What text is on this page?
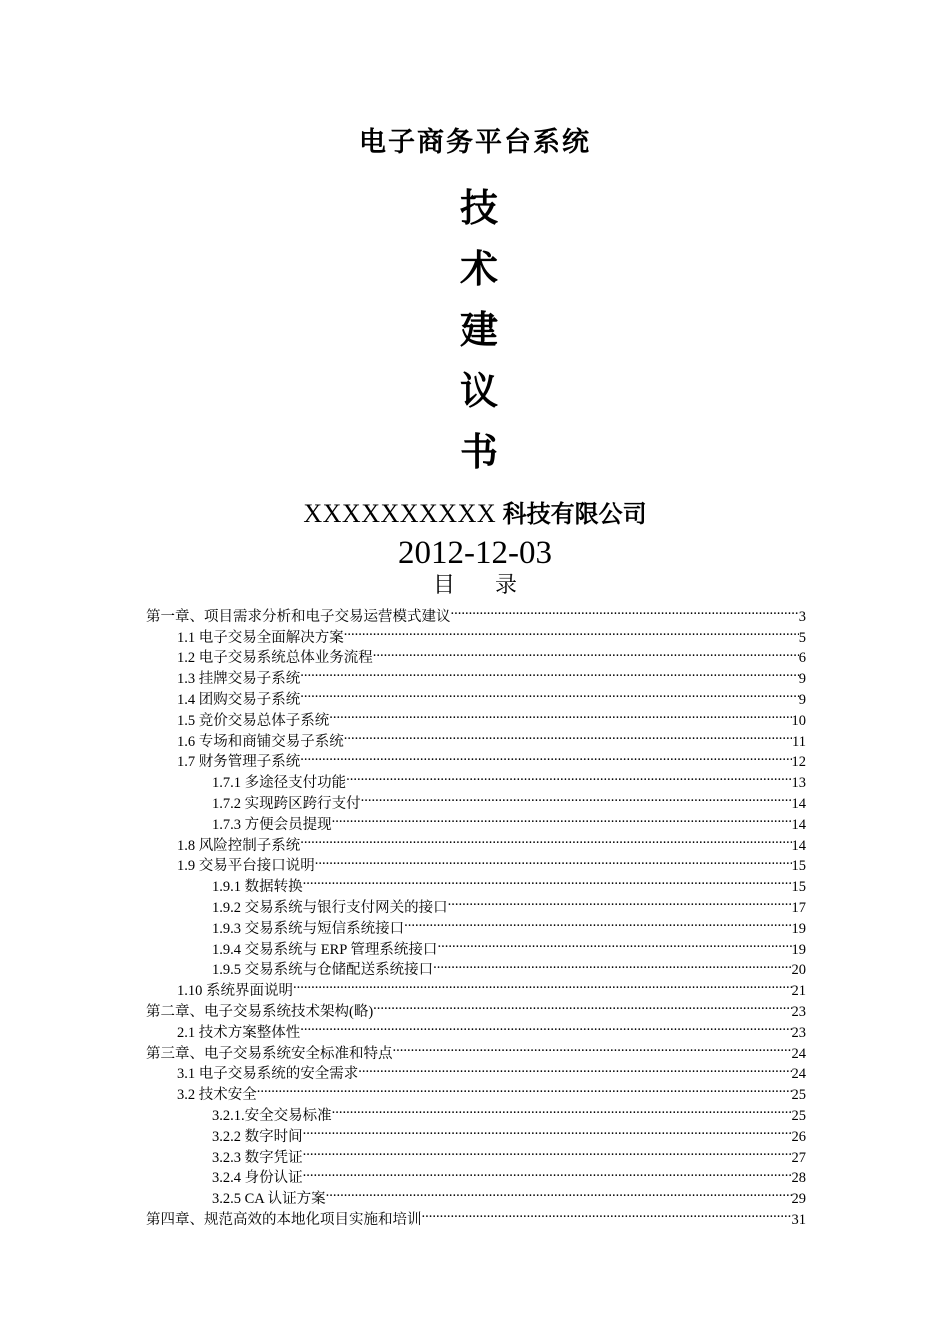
电子商务平台系统
技
术
建
议
书
XXXXXXXXXX 科技有限公司
2012-12-03
目录
第一章、项目需求分析和电子交易运营模式建议 .....	3
1.1 电子交易全面解决方案 .....	5
1.2 电子交易系统总体业务流程 .....	6
1.3 挂牌交易子系统 .....	9
1.4 团购交易子系统 .....	9
1.5 竞价交易总体子系统 .....	10
1.6 专场和商铺交易子系统 .....	11
1.7 财务管理子系统 .....	12
1.7.1 多途径支付功能 .....	13
1.7.2 实现跨区跨行支付 .....	14
1.7.3 方便会员提现 .....	14
1.8 风险控制子系统 .....	14
1.9 交易平台接口说明 .....	15
1.9.1 数据转换 .....	15
1.9.2 交易系统与银行支付网关的接口 .....	17
1.9.3 交易系统与短信系统接口 .....	19
1.9.4 交易系统与 ERP 管理系统接口 .....	19
1.9.5 交易系统与仓储配送系统接口 .....	20
1.10 系统界面说明 .....	21
第二章、电子交易系统技术架构(略) .....	23
2.1 技术方案整体性 .....	23
第三章、电子交易系统安全标准和特点 .....	24
3.1 电子交易系统的安全需求 .....	24
3.2 技术安全 .....	25
3.2.1.安全交易标准 .....	25
3.2.2 数字时间 .....	26
3.2.3 数字凭证 .....	27
3.2.4 身份认证 .....	28
3.2.5 CA 认证方案 .....	29
第四章、规范高效的本地化项目实施和培训 .....	31
